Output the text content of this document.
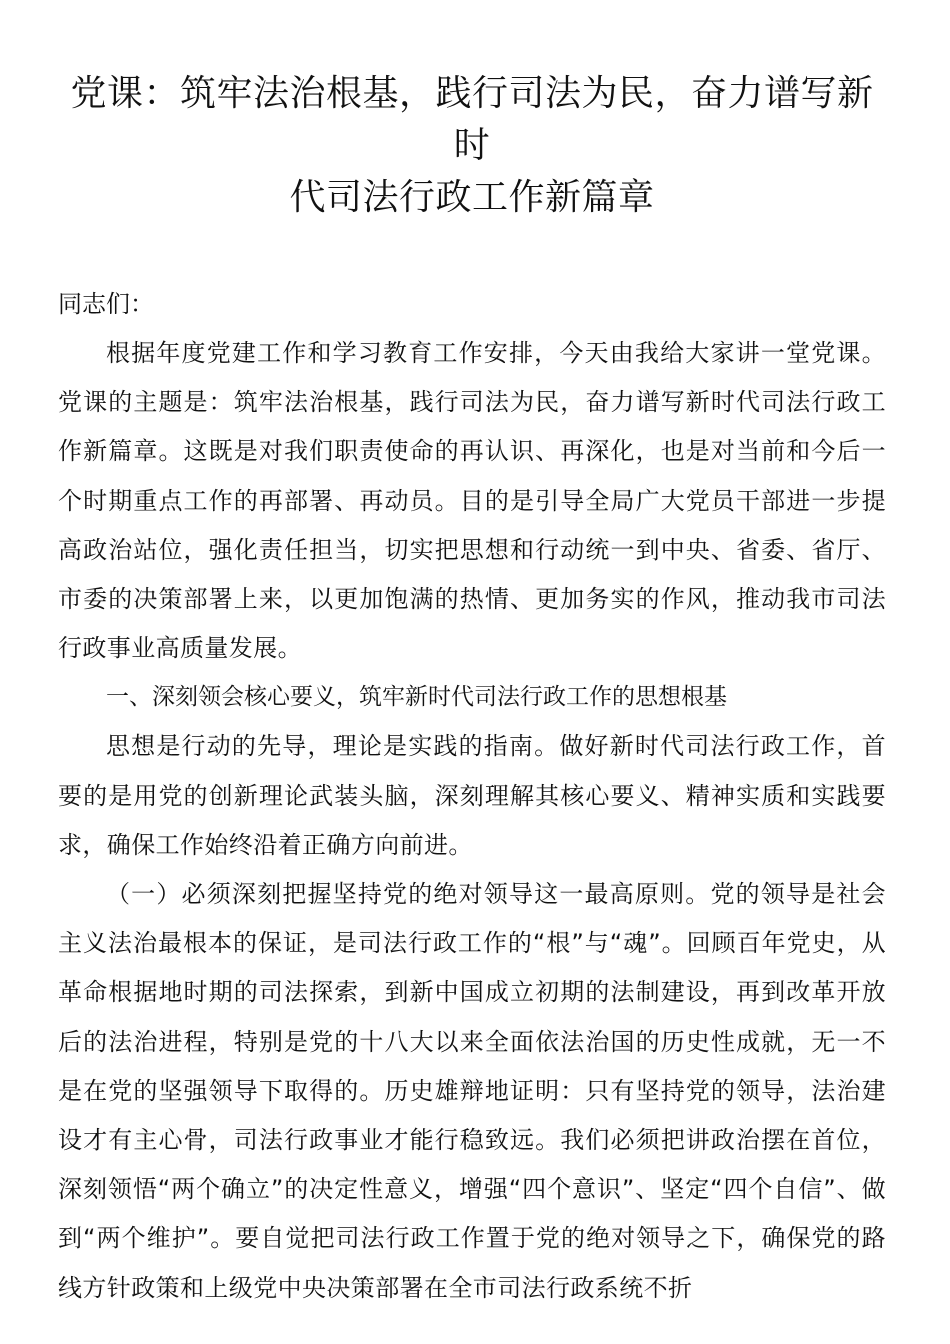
党课：筑牢法治根基，践行司法为民，奋力谱写新时
代司法行政工作新篇章

同志们：

根据年度党建工作和学习教育工作安排，今天由我给大家讲一堂党课。党课的主题是：筑牢法治根基，践行司法为民，奋力谱写新时代司法行政工作新篇章。这既是对我们职责使命的再认识、再深化，也是对当前和今后一个时期重点工作的再部署、再动员。目的是引导全局广大党员干部进一步提高政治站位，强化责任担当，切实把思想和行动统一到中央、省委、省厅、市委的决策部署上来，以更加饱满的热情、更加务实的作风，推动我市司法行政事业高质量发展。

一、深刻领会核心要义，筑牢新时代司法行政工作的思想根基

思想是行动的先导，理论是实践的指南。做好新时代司法行政工作，首要的是用党的创新理论武装头脑，深刻理解其核心要义、精神实质和实践要求，确保工作始终沿着正确方向前进。

（一）必须深刻把握坚持党的绝对领导这一最高原则。党的领导是社会主义法治最根本的保证，是司法行政工作的“根”与“魂”。回顾百年党史，从革命根据地时期的司法探索，到新中国成立初期的法制建设，再到改革开放后的法治进程，特别是党的十八大以来全面依法治国的历史性成就，无一不是在党的坚强领导下取得的。历史雄辩地证明：只有坚持党的领导，法治建设才有主心骨，司法行政事业才能行稳致远。我们必须把讲政治摆在首位，深刻领悟“两个确立”的决定性意义，增强“四个意识”、坚定“四个自信”、做到“两个维护”。要自觉把司法行政工作置于党的绝对领导之下，确保党的路线方针政策和上级党中央决策部署在全市司法行政系统不折
